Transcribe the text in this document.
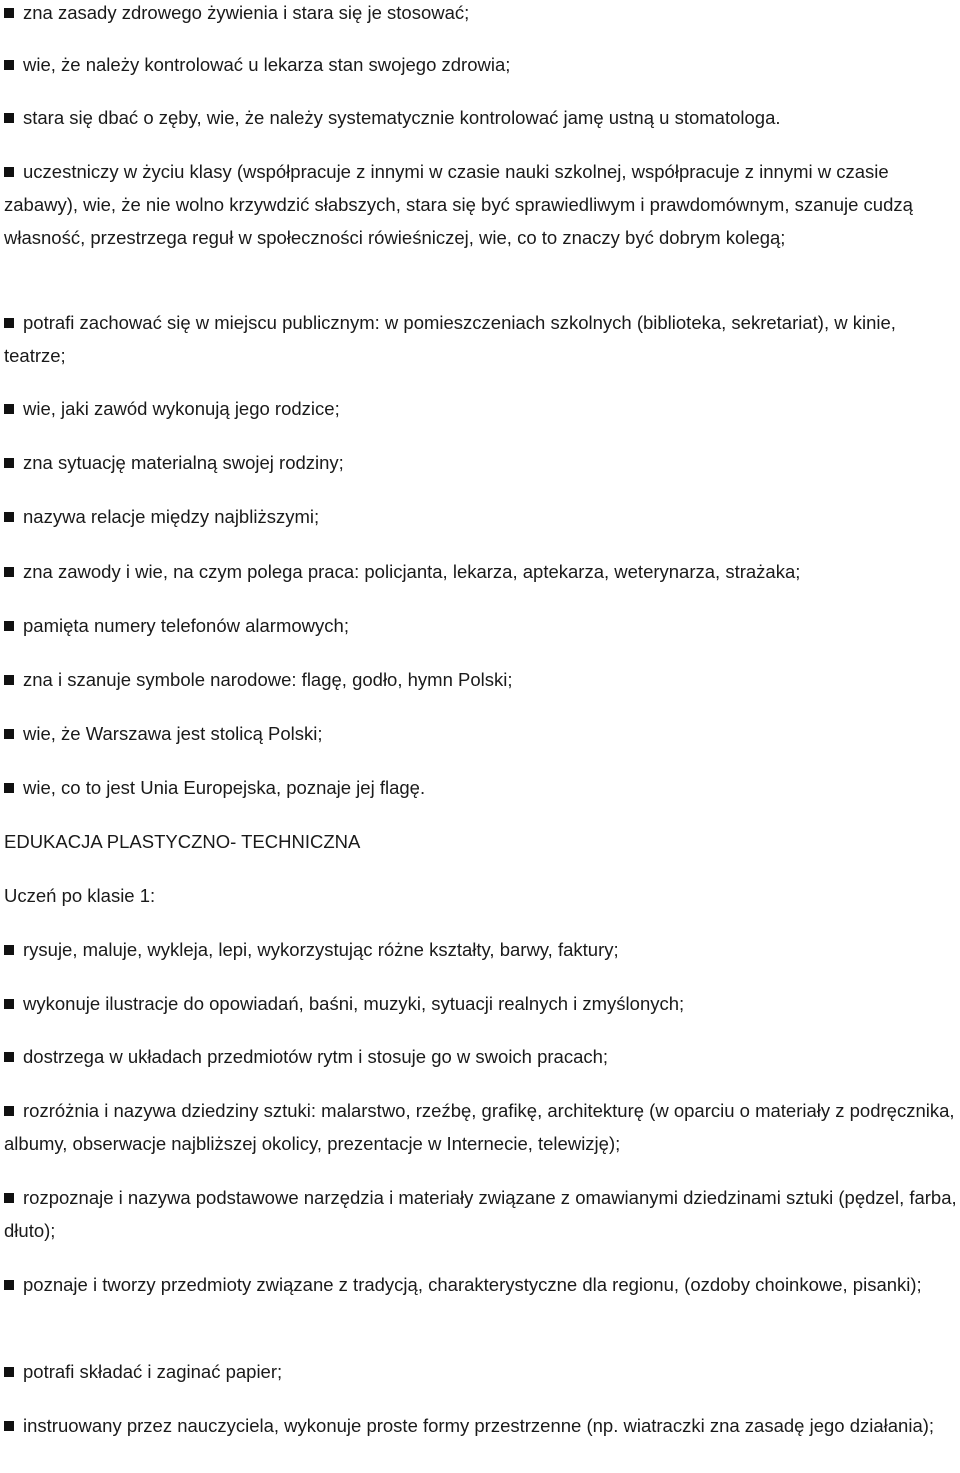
zna zasady zdrowego żywienia i stara się je stosować;

wie, że należy kontrolować u lekarza stan swojego zdrowia;

stara się dbać o zęby, wie, że należy systematycznie kontrolować jamę ustną u stomatologa.

uczestniczy w życiu klasy (współpracuje z innymi w czasie nauki szkolnej, współpracuje z innymi w czasie zabawy), wie, że nie wolno krzywdzić słabszych, stara się być sprawiedliwym i prawdomównym, szanuje cudzą własność, przestrzega reguł w społeczności rówieśniczej, wie, co to znaczy być dobrym kolegą;

potrafi zachować się w miejscu publicznym: w pomieszczeniach szkolnych (biblioteka, sekretariat), w kinie, teatrze;

wie, jaki zawód wykonują jego rodzice;

zna sytuację materialną swojej rodziny;

nazywa relacje między najbliższymi;

zna zawody i wie, na czym polega praca: policjanta, lekarza, aptekarza, weterynarza, strażaka;

pamięta numery telefonów alarmowych;

zna i szanuje symbole narodowe: flagę, godło, hymn Polski;

wie, że Warszawa jest stolicą Polski;

wie, co to jest Unia Europejska, poznaje jej flagę.

EDUKACJA PLASTYCZNO- TECHNICZNA
Uczeń po klasie 1:

rysuje, maluje, wykleja, lepi, wykorzystując różne kształty, barwy, faktury;

wykonuje ilustracje do opowiadań, baśni, muzyki, sytuacji realnych i zmyślonych;

dostrzega w układach przedmiotów rytm i stosuje go w swoich pracach;

rozróżnia i nazywa dziedziny sztuki: malarstwo, rzeźbę, grafikę, architekturę (w oparciu o materiały z podręcznika, albumy, obserwacje najbliższej okolicy, prezentacje w Internecie, telewizję);

rozpoznaje i nazywa podstawowe narzędzia i materiały związane z omawianymi dziedzinami sztuki (pędzel, farba, dłuto);

poznaje i tworzy przedmioty związane z tradycją, charakterystyczne dla regionu, (ozdoby choinkowe, pisanki);

potrafi składać i zaginać papier;

instruowany przez nauczyciela, wykonuje proste formy przestrzenne (np. wiatraczki zna zasadę jego działania);
